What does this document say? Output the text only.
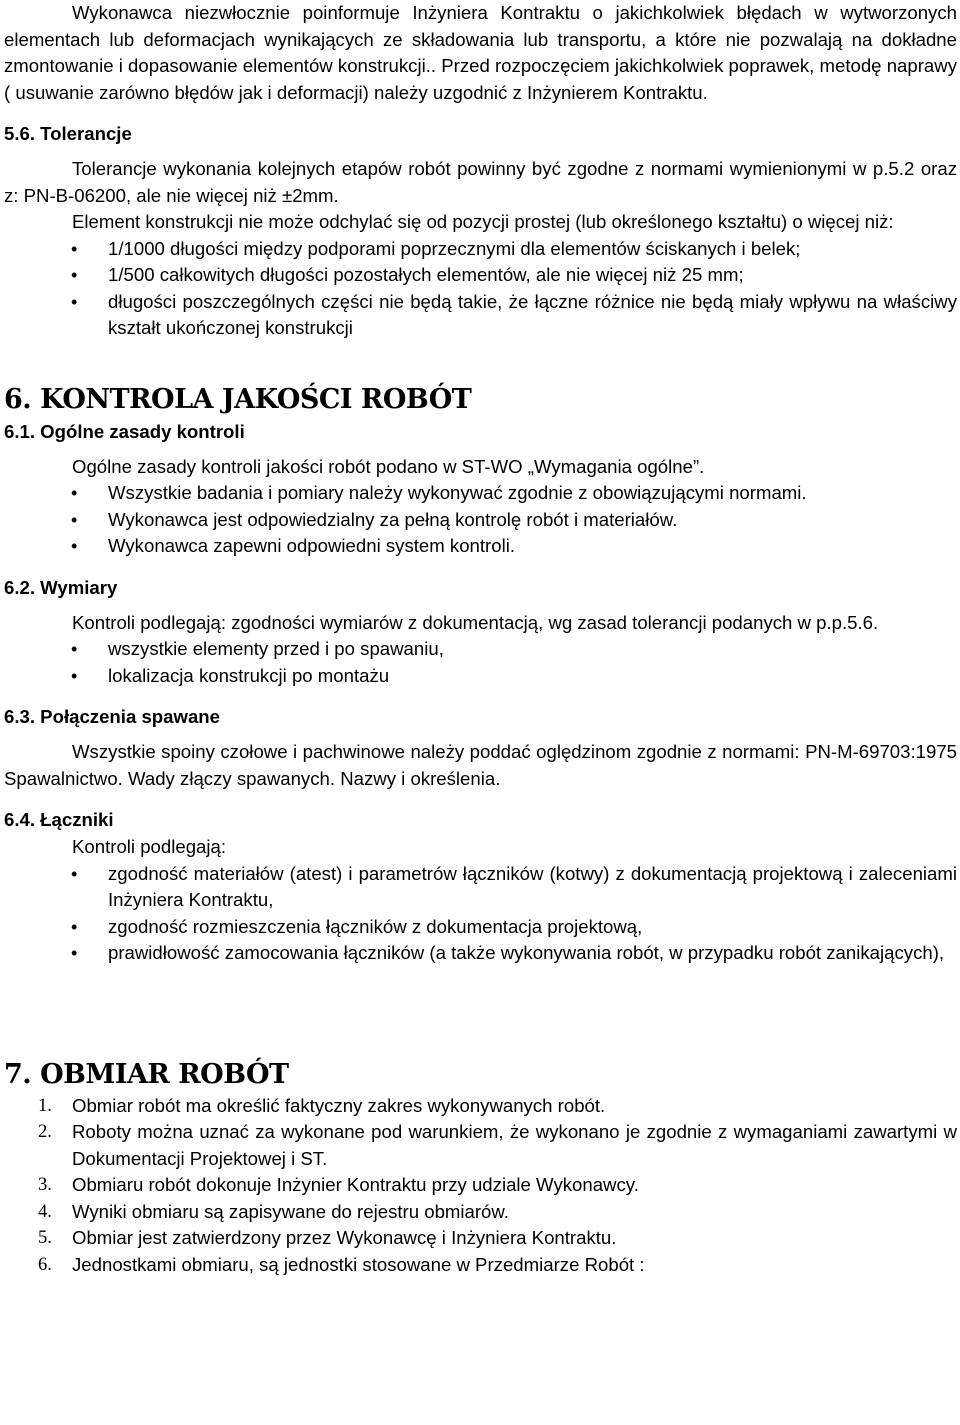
Wykonawca niezwłocznie poinformuje Inżyniera Kontraktu o jakichkolwiek błędach w wytworzonych elementach lub deformacjach wynikających ze składowania lub transportu, a które nie pozwalają na dokładne zmontowanie i dopasowanie elementów konstrukcji.. Przed rozpoczęciem jakichkolwiek poprawek, metodę naprawy ( usuwanie zarówno błędów jak i deformacji) należy uzgodnić z Inżynierem Kontraktu.

5.6. Tolerancje

Tolerancje wykonania kolejnych etapów robót powinny być zgodne z normami wymienionymi w p.5.2 oraz z: PN-B-06200, ale nie więcej niż ±2mm.

Element konstrukcji nie może odchylać się od pozycji prostej (lub określonego kształtu) o więcej niż:

• 1/1000 długości między podporami poprzecznymi dla elementów ściskanych i belek;
• 1/500 całkowitych długości pozostałych elementów, ale nie więcej niż 25 mm;
• długości poszczególnych części nie będą takie, że łączne różnice nie będą miały wpływu na właściwy kształt ukończonej konstrukcji

6. KONTROLA JAKOŚCI ROBÓT

6.1. Ogólne zasady kontroli

Ogólne zasady kontroli jakości robót podano w ST-WO „Wymagania ogólne”.

• Wszystkie badania i pomiary należy wykonywać zgodnie z obowiązującymi normami.
• Wykonawca jest odpowiedzialny za pełną kontrolę robót i materiałów.
• Wykonawca zapewni odpowiedni system kontroli.

6.2. Wymiary

Kontroli podlegają: zgodności wymiarów z dokumentacją, wg zasad tolerancji podanych w p.p.5.6.

• wszystkie elementy przed i po spawaniu,
• lokalizacja konstrukcji po montażu

6.3. Połączenia spawane

Wszystkie spoiny czołowe i pachwinowe należy poddać oględzinom zgodnie z normami: PN-M-69703:1975 Spawalnictwo. Wady złączy spawanych. Nazwy i określenia.

6.4. Łączniki

Kontroli podlegają:

• zgodność materiałów (atest) i parametrów łączników (kotwy) z dokumentacją projektową i zaleceniami Inżyniera Kontraktu,
• zgodność rozmieszczenia łączników z dokumentacja projektową,
• prawidłowość zamocowania łączników (a także wykonywania robót, w przypadku robót zanikających),

7. OBMIAR ROBÓT

1. Obmiar robót ma określić faktyczny zakres wykonywanych robót.
2. Roboty można uznać za wykonane pod warunkiem, że wykonano je zgodnie z wymaganiami zawartymi w Dokumentacji Projektowej i ST.
3. Obmiaru robót dokonuje Inżynier Kontraktu przy udziale Wykonawcy.
4. Wyniki obmiaru są zapisywane do rejestru obmiarów.
5. Obmiar jest zatwierdzony przez Wykonawcę i Inżyniera Kontraktu.
6. Jednostkami obmiaru, są jednostki stosowane w Przedmiarze Robót :
